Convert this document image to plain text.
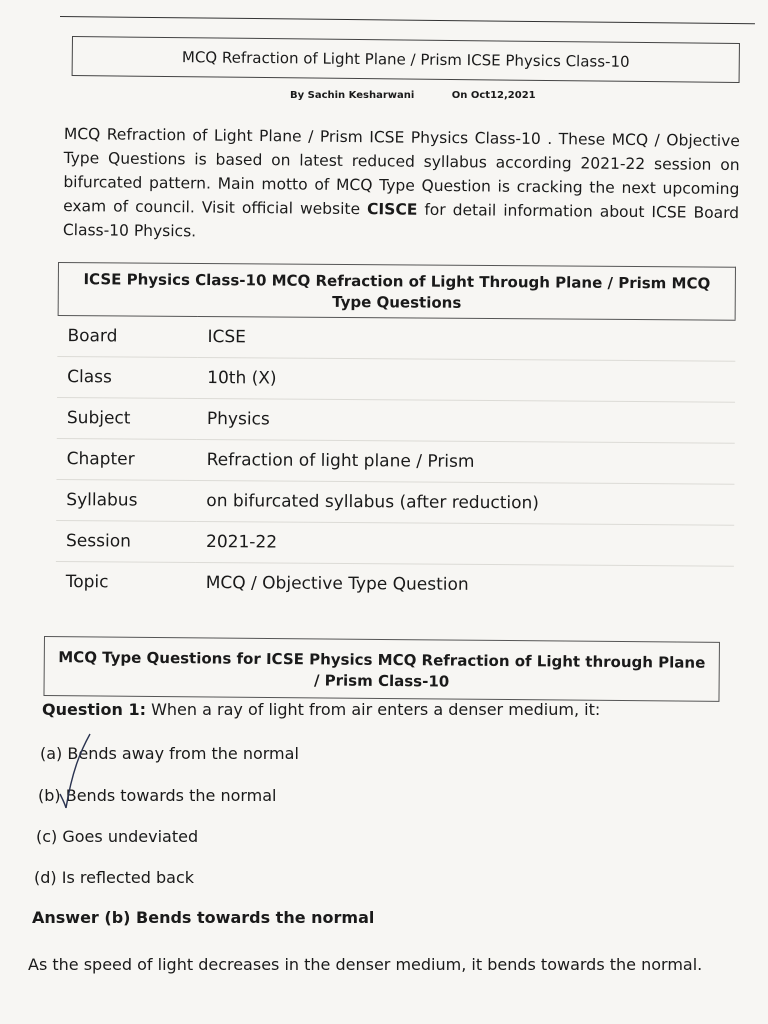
MCQ Refraction of Light Plane / Prism ICSE Physics Class-10
By Sachin Kesharwani	On Oct12,2021
MCQ Refraction of Light Plane / Prism ICSE Physics Class-10 . These MCQ / Objective Type Questions is based on latest reduced syllabus according 2021-22 session on bifurcated pattern. Main motto of MCQ Type Question is cracking the next upcoming exam of council. Visit official website CISCE for detail information about ICSE Board Class-10 Physics.
ICSE Physics Class-10 MCQ Refraction of Light Through Plane / Prism MCQ Type Questions
Board	ICSE
Class	10th (X)
Subject	Physics
Chapter	Refraction of light plane / Prism
Syllabus	on bifurcated syllabus (after reduction)
Session	2021-22
Topic	MCQ / Objective Type Question
MCQ Type Questions for ICSE Physics MCQ Refraction of Light through Plane / Prism Class-10
Question 1: When a ray of light from air enters a denser medium, it:
(a) Bends away from the normal
(b) Bends towards the normal
(c) Goes undeviated
(d) Is reflected back
Answer (b) Bends towards the normal
As the speed of light decreases in the denser medium, it bends towards the normal.
